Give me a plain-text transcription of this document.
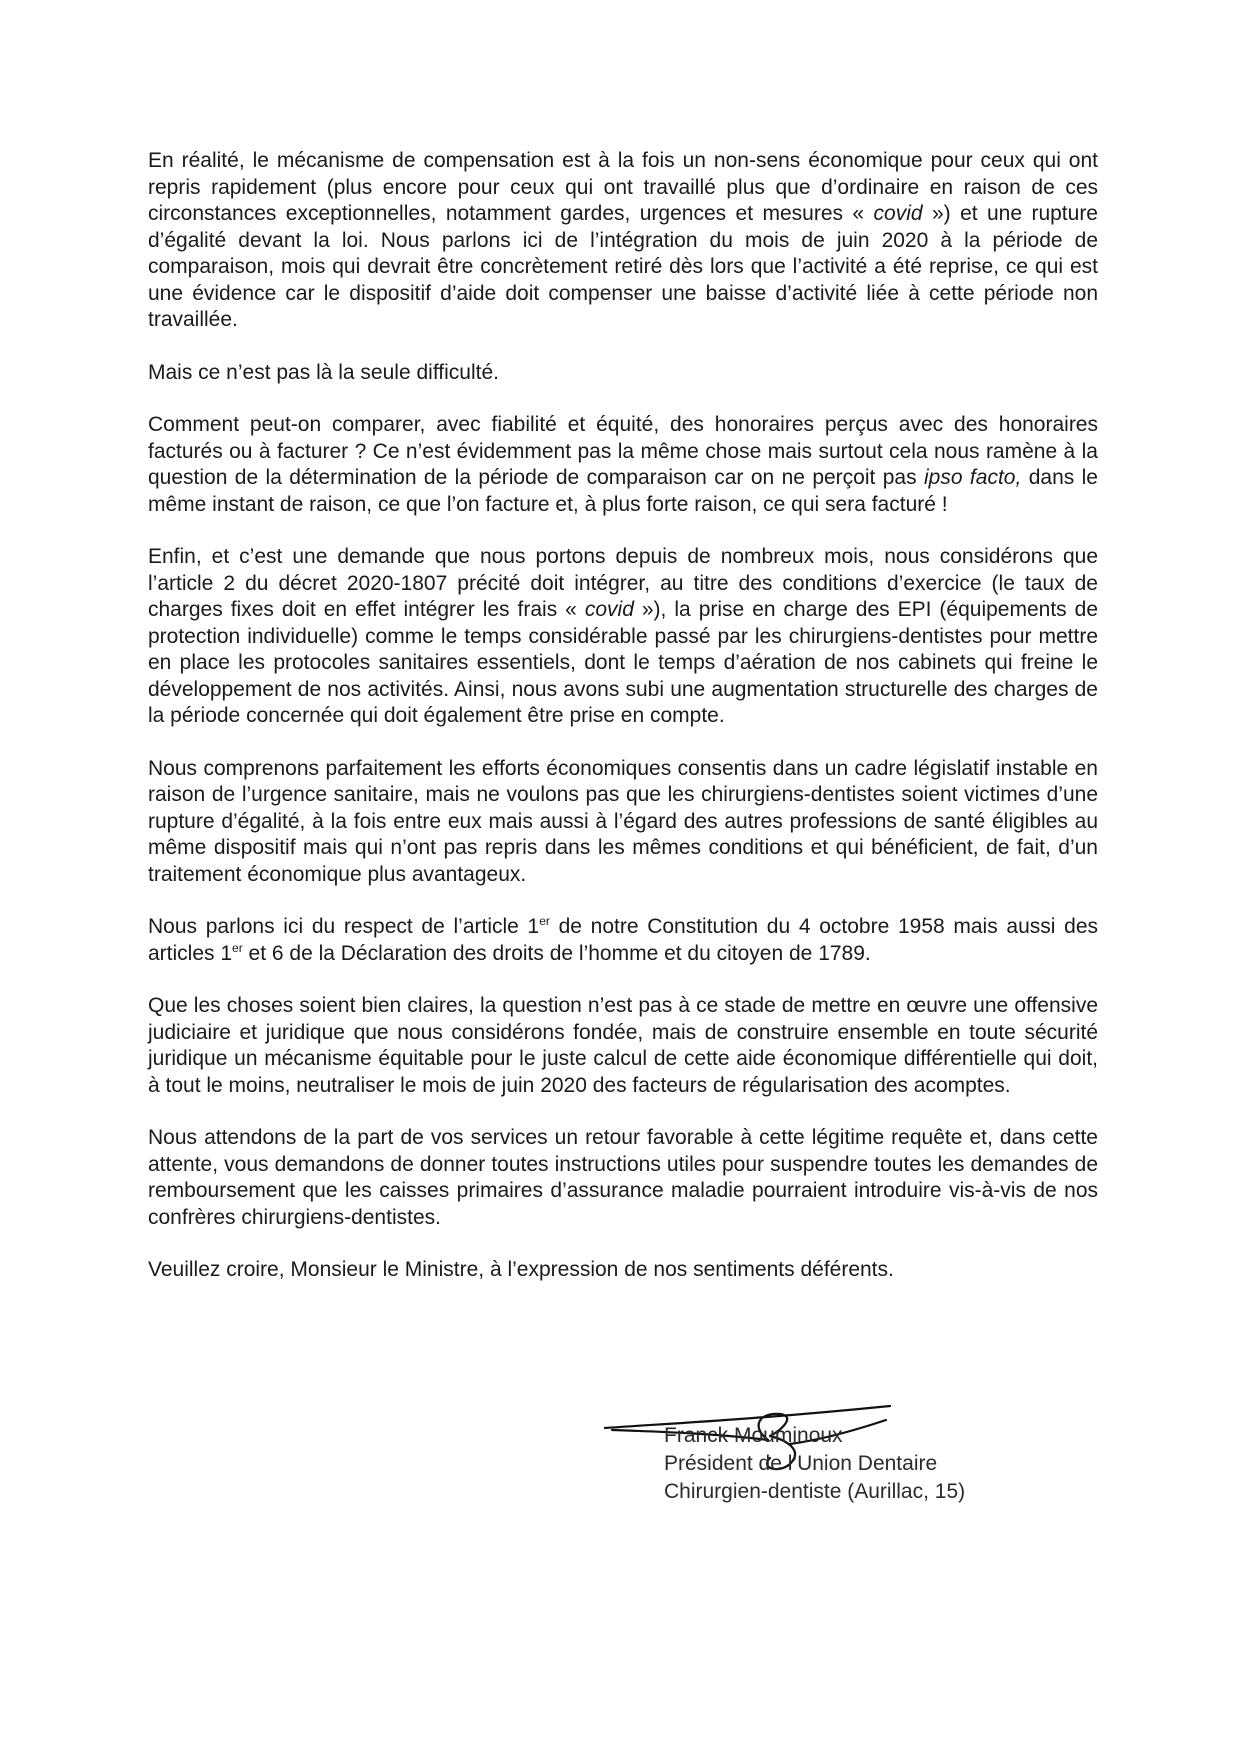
En réalité, le mécanisme de compensation est à la fois un non-sens économique pour ceux qui ont repris rapidement (plus encore pour ceux qui ont travaillé plus que d’ordinaire en raison de ces circonstances exceptionnelles, notamment gardes, urgences et mesures « covid ») et une rupture d’égalité devant la loi. Nous parlons ici de l’intégration du mois de juin 2020 à la période de comparaison, mois qui devrait être concrètement retiré dès lors que l’activité a été reprise, ce qui est une évidence car le dispositif d’aide doit compenser une baisse d’activité liée à cette période non travaillée.

Mais ce n’est pas là la seule difficulté.

Comment peut-on comparer, avec fiabilité et équité, des honoraires perçus avec des honoraires facturés ou à facturer ? Ce n’est évidemment pas la même chose mais surtout cela nous ramène à la question de la détermination de la période de comparaison car on ne perçoit pas ipso facto, dans le même instant de raison, ce que l’on facture et, à plus forte raison, ce qui sera facturé !

Enfin, et c’est une demande que nous portons depuis de nombreux mois, nous considérons que l’article 2 du décret 2020-1807 précité doit intégrer, au titre des conditions d’exercice (le taux de charges fixes doit en effet intégrer les frais « covid »), la prise en charge des EPI (équipements de protection individuelle) comme le temps considérable passé par les chirurgiens-dentistes pour mettre en place les protocoles sanitaires essentiels, dont le temps d’aération de nos cabinets qui freine le développement de nos activités. Ainsi, nous avons subi une augmentation structurelle des charges de la période concernée qui doit également être prise en compte.

Nous comprenons parfaitement les efforts économiques consentis dans un cadre législatif instable en raison de l’urgence sanitaire, mais ne voulons pas que les chirurgiens-dentistes soient victimes d’une rupture d’égalité, à la fois entre eux mais aussi à l’égard des autres professions de santé éligibles au même dispositif mais qui n’ont pas repris dans les mêmes conditions et qui bénéficient, de fait, d’un traitement économique plus avantageux.

Nous parlons ici du respect de l’article 1er de notre Constitution du 4 octobre 1958 mais aussi des articles 1er et 6 de la Déclaration des droits de l’homme et du citoyen de 1789.

Que les choses soient bien claires, la question n’est pas à ce stade de mettre en œuvre une offensive judiciaire et juridique que nous considérons fondée, mais de construire ensemble en toute sécurité juridique un mécanisme équitable pour le juste calcul de cette aide économique différentielle qui doit, à tout le moins, neutraliser le mois de juin 2020 des facteurs de régularisation des acomptes.

Nous attendons de la part de vos services un retour favorable à cette légitime requête et, dans cette attente, vous demandons de donner toutes instructions utiles pour suspendre toutes les demandes de remboursement que les caisses primaires d’assurance maladie pourraient introduire vis-à-vis de nos confrères chirurgiens-dentistes.

Veuillez croire, Monsieur le Ministre, à l’expression de nos sentiments déférents.

Franck Mouminoux
Président de l’Union Dentaire
Chirurgien-dentiste (Aurillac, 15)
